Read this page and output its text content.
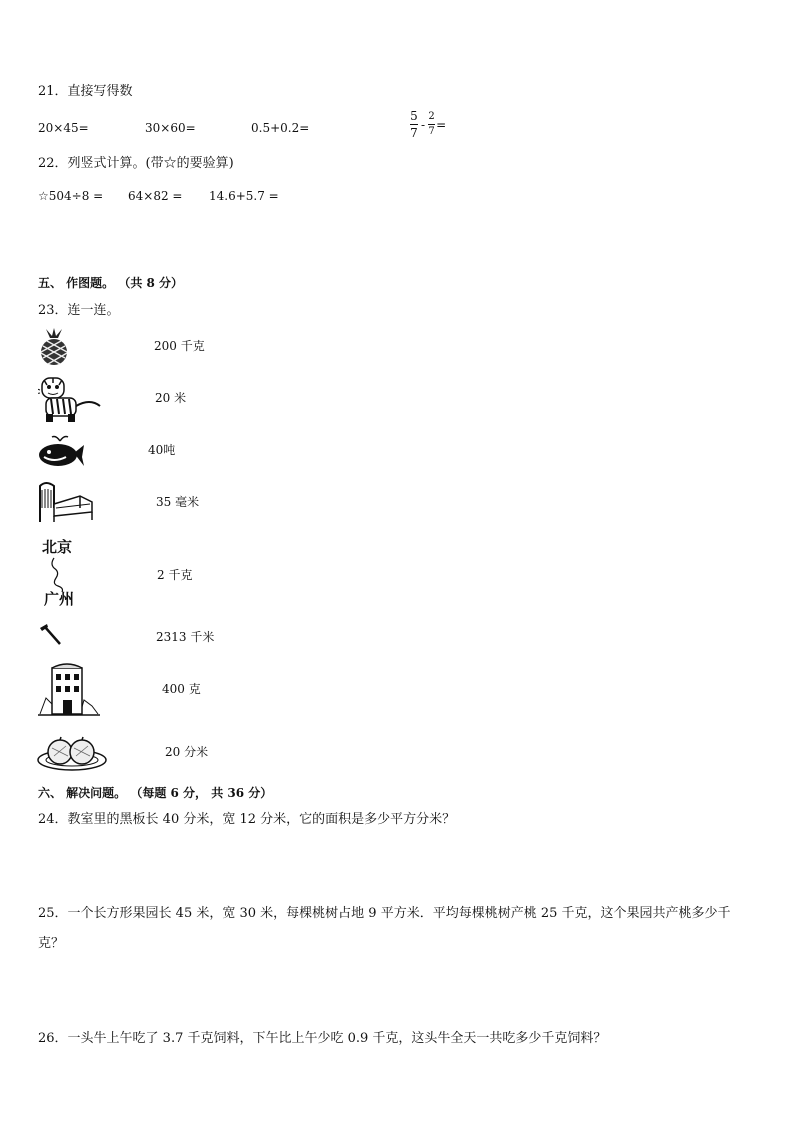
21．直接写得数
20×45=	30×60=	0.5+0.2=
5
7
-
2
7 =
22．列竖式计算。(带☆的要验算)
☆504÷8 = 64×82 = 14.6+5.7 =
五、 作图题。 （共 8 分）
23．连一连。
北京
广州
200 千克
20 米
40吨
35 毫米
2 千克
2313 千米
400 克
20 分米
六、 解决问题。 （每题 6 分， 共 36 分）
24．教室里的黑板长 40 分米，宽 12 分米，它的面积是多少平方分米？
25．一个长方形果园长 45 米，宽 30 米，每棵桃树占地 9 平方米．平均每棵桃树产桃 25 千克，这个果园共产桃多少千
克？
26．一头牛上午吃了 3.7 千克饲料，下午比上午少吃 0.9 千克，这头牛全天一共吃多少千克饲料？
